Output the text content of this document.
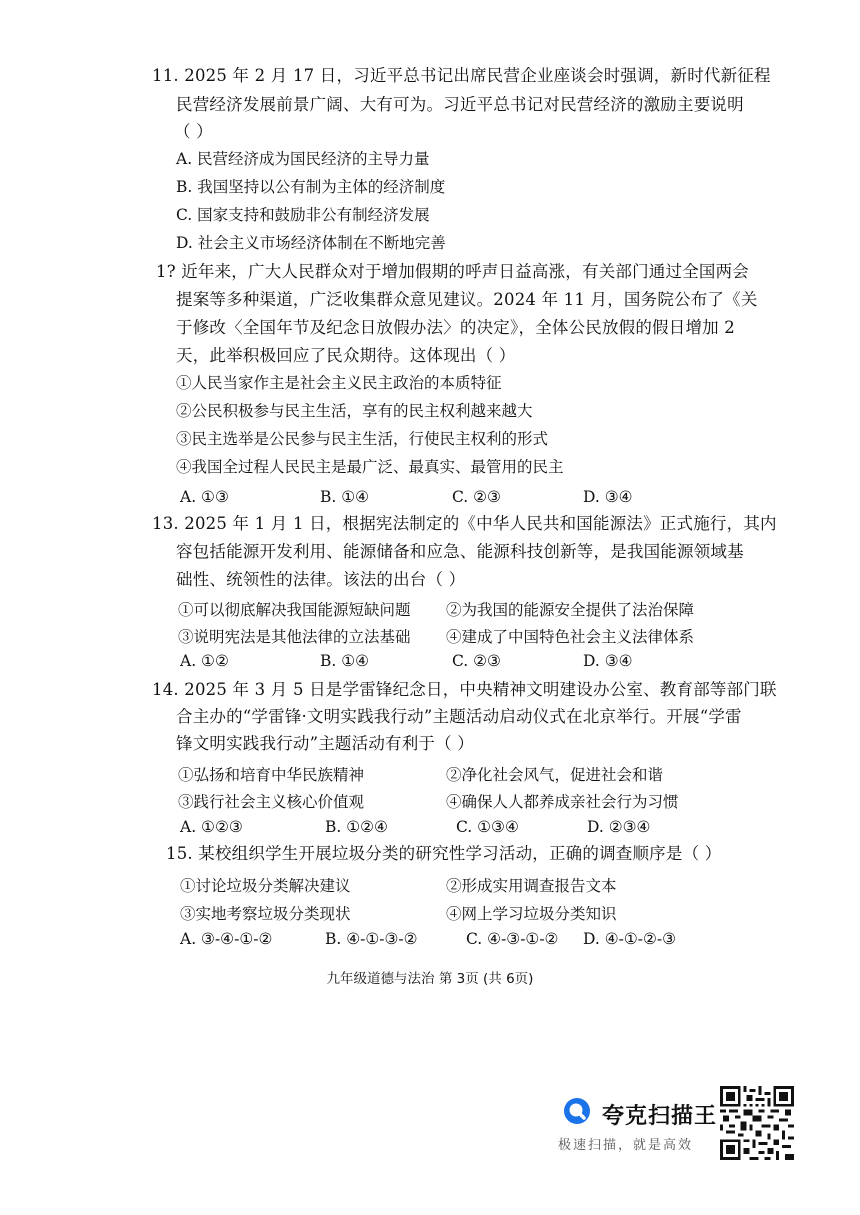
11. 2025 年 2 月 17 日，习近平总书记出席民营企业座谈会时强调，新时代新征程
民营经济发展前景广阔、大有可为。习近平总书记对民营经济的激励主要说明
（ ）
A. 民营经济成为国民经济的主导力量
B. 我国坚持以公有制为主体的经济制度
C. 国家支持和鼓励非公有制经济发展
D. 社会主义市场经济体制在不断地完善
1? 近年来，广大人民群众对于增加假期的呼声日益高涨，有关部门通过全国两会
提案等多种渠道，广泛收集群众意见建议。2024 年 11 月，国务院公布了《关
于修改〈全国年节及纪念日放假办法〉的决定》，全体公民放假的假日增加 2
天，此举积极回应了民众期待。这体现出（ ）
①人民当家作主是社会主义民主政治的本质特征
②公民积极参与民主生活，享有的民主权利越来越大
③民主选举是公民参与民主生活，行使民主权利的形式
④我国全过程人民民主是最广泛、最真实、最管用的民主
A. ①③	B. ①④	C. ②③	D. ③④
13. 2025 年 1 月 1 日，根据宪法制定的《中华人民共和国能源法》正式施行，其内
容包括能源开发利用、能源储备和应急、能源科技创新等，是我国能源领域基
础性、统领性的法律。该法的出台（ ）
①可以彻底解决我国能源短缺问题 ②为我国的能源安全提供了法治保障
③说明宪法是其他法律的立法基础 ④建成了中国特色社会主义法律体系
A. ①②	B. ①④	C. ②③	D. ③④
14. 2025 年 3 月 5 日是学雷锋纪念日，中央精神文明建设办公室、教育部等部门联
合主办的“学雷锋·文明实践我行动”主题活动启动仪式在北京举行。开展“学雷
锋文明实践我行动”主题活动有利于（ ）
①弘扬和培育中华民族精神	②净化社会风气，促进社会和谐
③践行社会主义核心价值观	④确保人人都养成亲社会行为习惯
A. ①②③	B. ①②④	C. ①③④	D. ②③④
15. 某校组织学生开展垃圾分类的研究性学习活动，正确的调查顺序是（ ）
①讨论垃圾分类解决建议	②形成实用调查报告文本
③实地考察垃圾分类现状	④网上学习垃圾分类知识
A. ③-④-①-②	B. ④-①-③-②	C. ④-③-①-② D. ④-①-②-③
九年级道德与法治 第 3页 (共 6页)
夸克扫描王
极速扫描，就是高效
